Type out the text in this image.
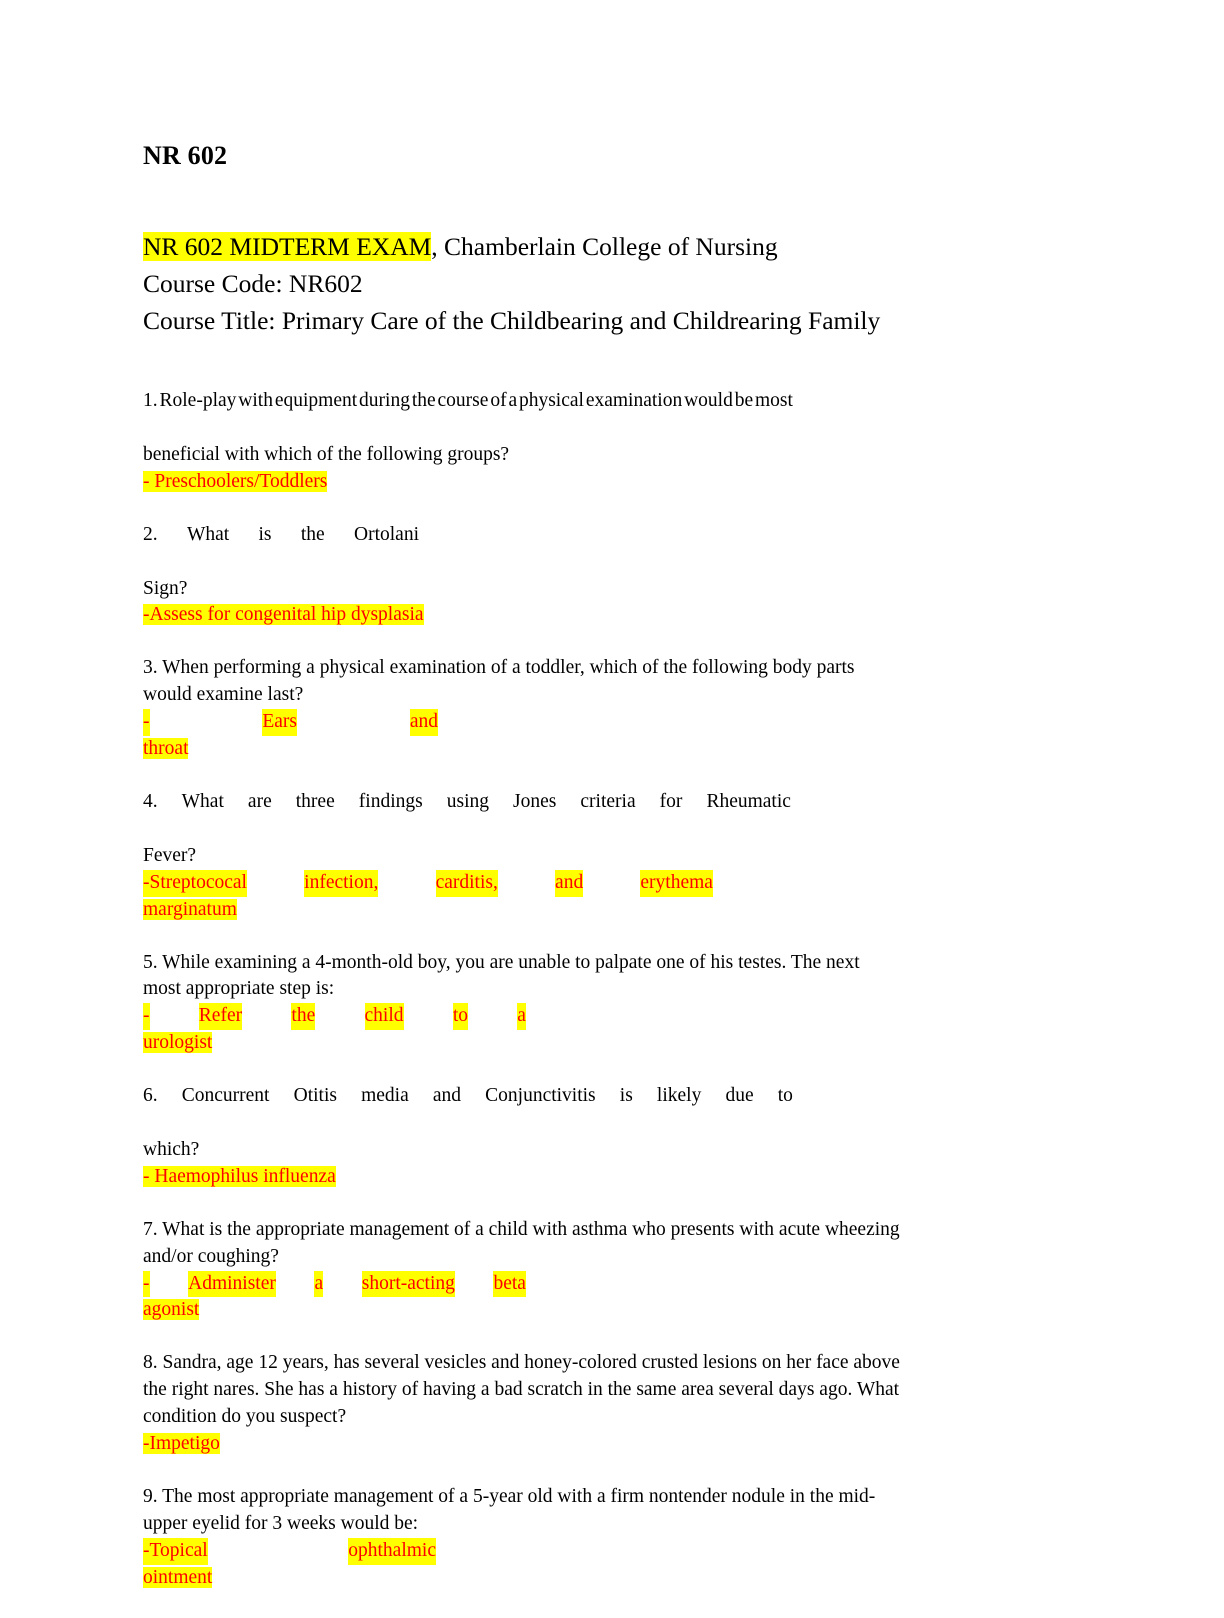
NR 602
NR 602 MIDTERM EXAM, Chamberlain College of Nursing
Course Code: NR602
Course Title: Primary Care of the Childbearing and Childrearing Family

1. Role-play with equipment during the course of a physical examination would be most

beneficial with which of the following groups?

- Preschoolers/Toddlers

2. What is the Ortolani

Sign?

-Assess for congenital hip dysplasia

3. When performing a physical examination of a toddler, which of the following body parts
would examine last?

-	Ears	and
throat

4. What are three findings using Jones criteria for Rheumatic

Fever?

-Streptococal	infection,	carditis,	and	erythema
marginatum

5. While examining a 4-month-old boy, you are unable to palpate one of his testes. The next
most appropriate step is:

-	Refer	the	child	to	a
urologist

6. Concurrent Otitis media and Conjunctivitis is likely due to

which?

- Haemophilus influenza

7. What is the appropriate management of a child with asthma who presents with acute wheezing
and/or coughing?

- Administer a short-acting beta
agonist

8. Sandra, age 12 years, has several vesicles and honey-colored crusted lesions on her face above
the right nares. She has a history of having a bad scratch in the same area several days ago. What
condition do you suspect?

-Impetigo

9. The most appropriate management of a 5-year old with a firm nontender nodule in the mid-
upper eyelid for 3 weeks would be:

-Topical	ophthalmic
ointment
